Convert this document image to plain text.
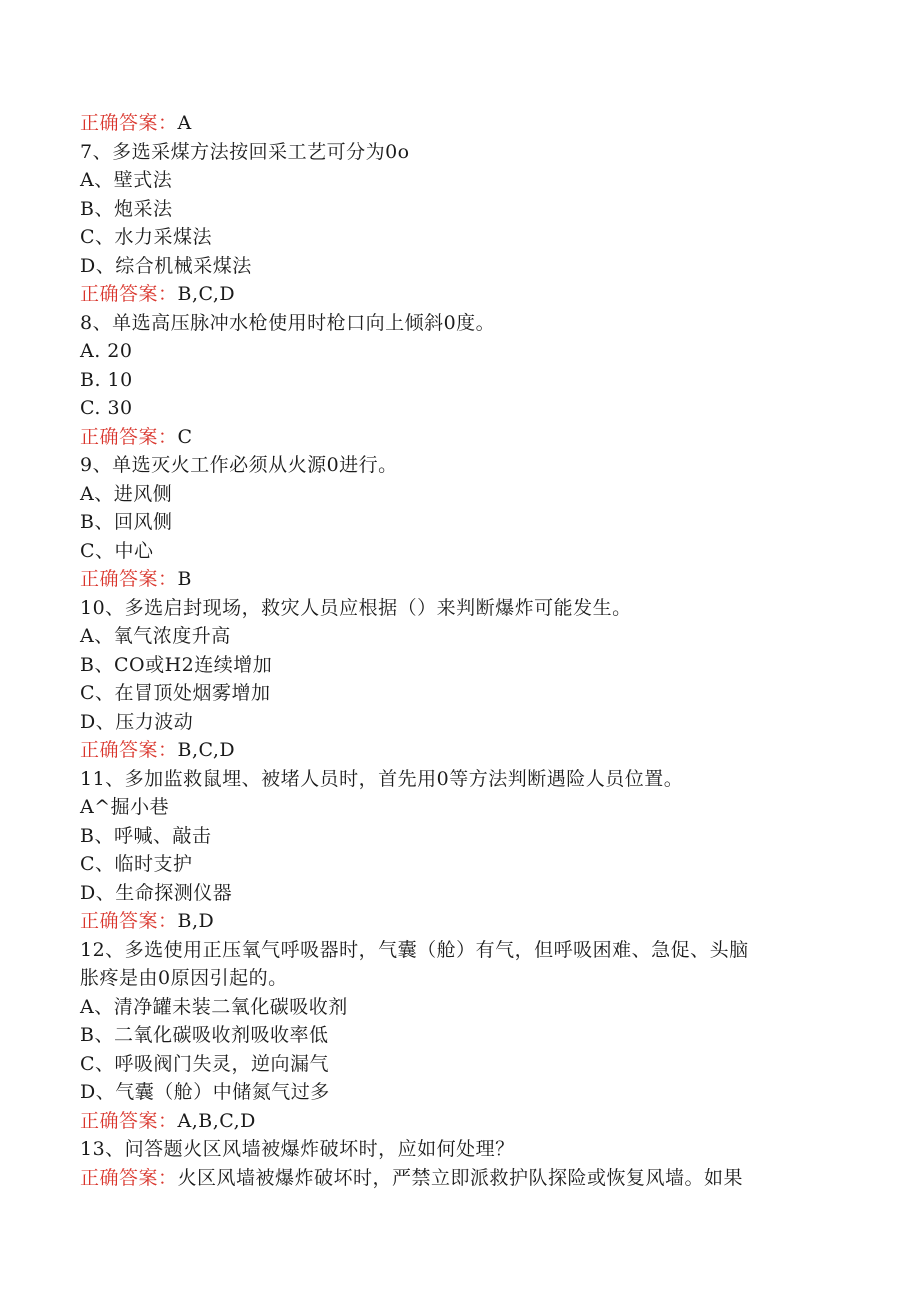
正确答案：A
7、多选采煤方法按回采工艺可分为0o
A、壁式法
B、炮采法
C、水力采煤法
D、综合机械采煤法
正确答案：B,C,D
8、单选高压脉冲水枪使用时枪口向上倾斜0度。
A. 20
B. 10
C. 30
正确答案：C
9、单选灭火工作必须从火源0进行。
A、进风侧
B、回风侧
C、中心
正确答案：B
10、多选启封现场，救灾人员应根据（）来判断爆炸可能发生。
A、氧气浓度升高
B、CO或H2连续增加
C、在冒顶处烟雾增加
D、压力波动
正确答案：B,C,D
11、多加监救鼠埋、被堵人员时，首先用0等方法判断遇险人员位置。
A^掘小巷
B、呼喊、敲击
C、临时支护
D、生命探测仪器
正确答案：B,D
12、多选使用正压氧气呼吸器时，气囊（舱）有气，但呼吸困难、急促、头脑
胀疼是由0原因引起的。
A、清净罐未装二氧化碳吸收剂
B、二氧化碳吸收剂吸收率低
C、呼吸阀门失灵，逆向漏气
D、气囊（舱）中储氮气过多
正确答案：A,B,C,D
13、问答题火区风墙被爆炸破坏时，应如何处理？
正确答案：火区风墙被爆炸破坏时，严禁立即派救护队探险或恢复风墙。如果
